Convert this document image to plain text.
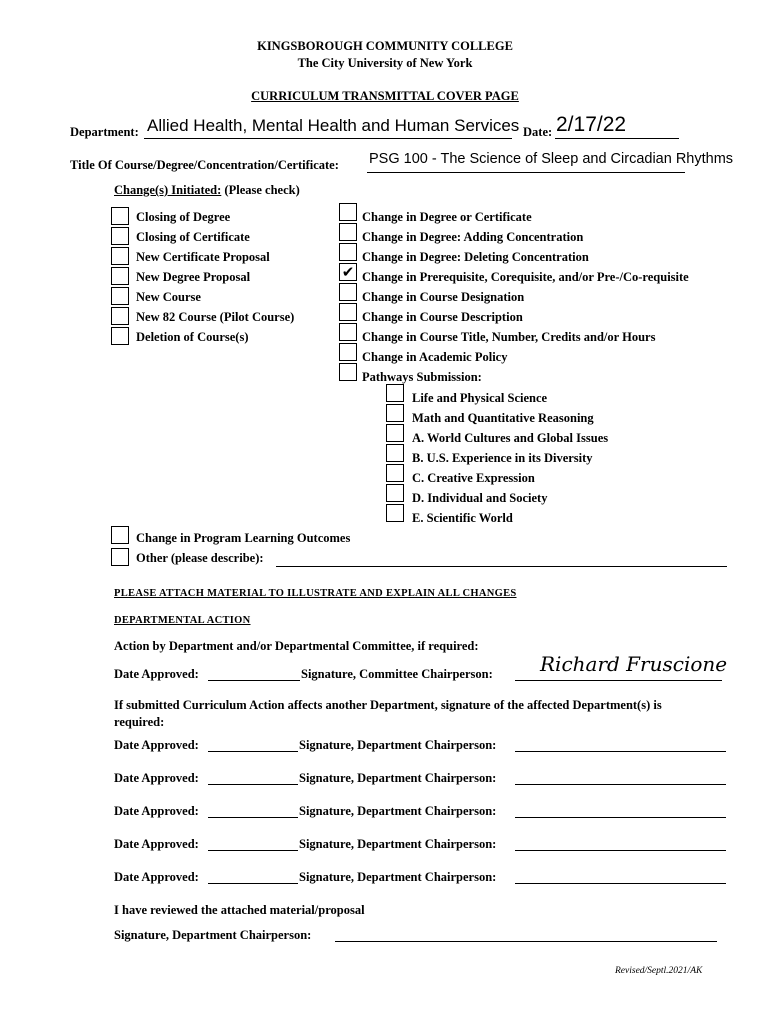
KINGSBOROUGH COMMUNITY COLLEGE
The City University of New York
CURRICULUM TRANSMITTAL COVER PAGE
Department: Allied Health, Mental Health and Human Services Date: 2/17/22
Title Of Course/Degree/Concentration/Certificate: PSG 100 - The Science of Sleep and Circadian Rhythms
Change(s) Initiated: (Please check)
Closing of Degree
Closing of Certificate
New Certificate Proposal
New Degree Proposal
New Course
New 82 Course (Pilot Course)
Deletion of Course(s)
Change in Degree or Certificate
Change in Degree: Adding Concentration
Change in Degree: Deleting Concentration
✔ Change in Prerequisite, Corequisite, and/or Pre-/Co-requisite
Change in Course Designation
Change in Course Description
Change in Course Title, Number, Credits and/or Hours
Change in Academic Policy
Pathways Submission:
Life and Physical Science
Math and Quantitative Reasoning
A. World Cultures and Global Issues
B. U.S. Experience in its Diversity
C. Creative Expression
D. Individual and Society
E. Scientific World
Change in Program Learning Outcomes
Other (please describe):
PLEASE ATTACH MATERIAL TO ILLUSTRATE AND EXPLAIN ALL CHANGES
DEPARTMENTAL ACTION
Action by Department and/or Departmental Committee, if required:
Date Approved:	Signature, Committee Chairperson: Richard Fruscione
If submitted Curriculum Action affects another Department, signature of the affected Department(s) is
required:
Date Approved:	Signature, Department Chairperson:
Date Approved:	Signature, Department Chairperson:
Date Approved:	Signature, Department Chairperson:
Date Approved:	Signature, Department Chairperson:
Date Approved:	Signature, Department Chairperson:
I have reviewed the attached material/proposal
Signature, Department Chairperson:
Revised/Septl.2021/AK
